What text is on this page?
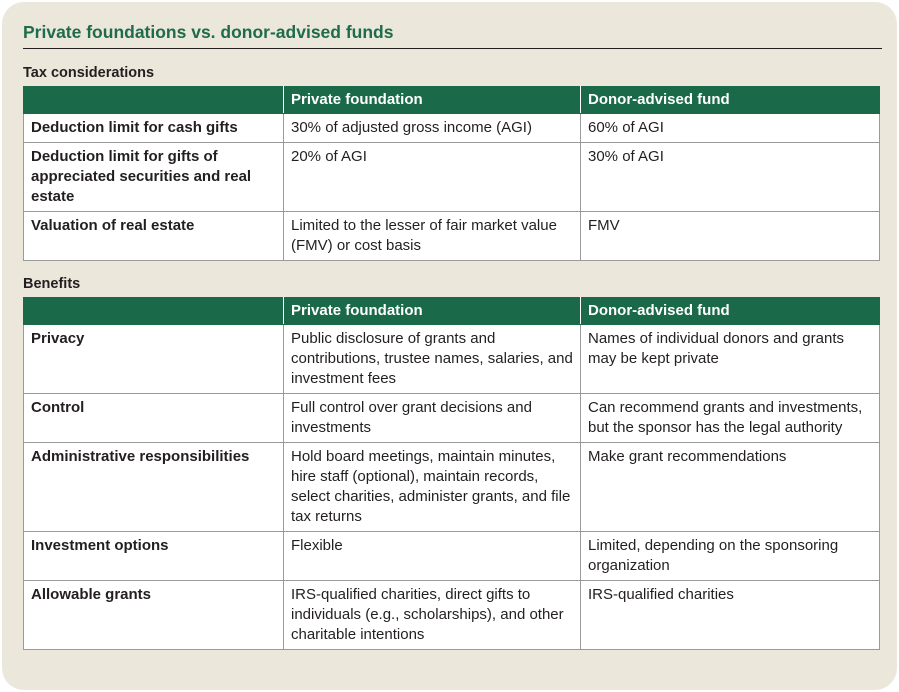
Private foundations vs. donor-advised funds
Tax considerations
	Private foundation	Donor-advised fund
Deduction limit for cash gifts	30% of adjusted gross income (AGI)	60% of AGI
Deduction limit for gifts of appreciated securities and real estate	20% of AGI	30% of AGI
Valuation of real estate	Limited to the lesser of fair market value (FMV) or cost basis	FMV
Benefits
	Private foundation	Donor-advised fund
Privacy	Public disclosure of grants and contributions, trustee names, salaries, and investment fees	Names of individual donors and grants may be kept private
Control	Full control over grant decisions and investments	Can recommend grants and investments, but the sponsor has the legal authority
Administrative responsibilities	Hold board meetings, maintain minutes, hire staff (optional), maintain records, select charities, administer grants, and file tax returns	Make grant recommendations
Investment options	Flexible	Limited, depending on the sponsoring organization
Allowable grants	IRS-qualified charities, direct gifts to individuals (e.g., scholarships), and other charitable intentions	IRS-qualified charities
